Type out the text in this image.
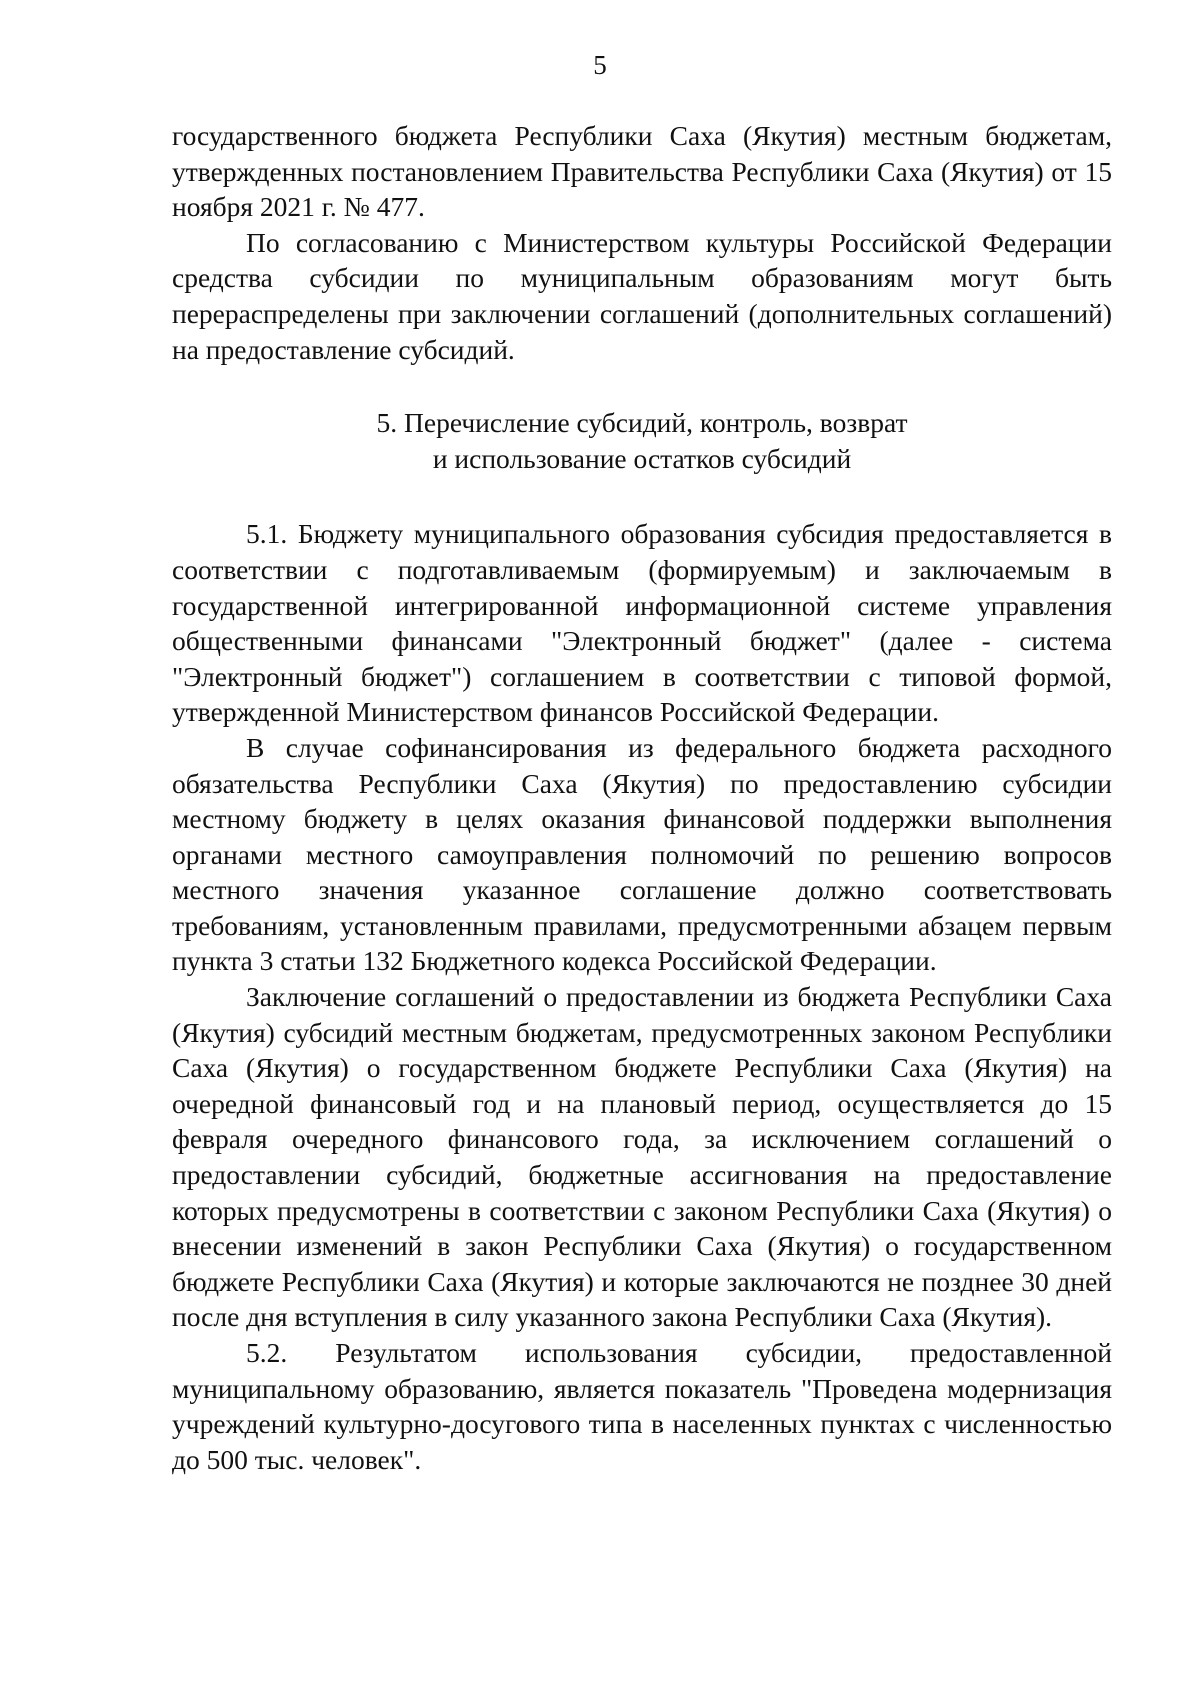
5

государственного бюджета Республики Саха (Якутия) местным бюджетам, утвержденных постановлением Правительства Республики Саха (Якутия) от 15 ноября 2021 г. № 477.

По согласованию с Министерством культуры Российской Федерации средства субсидии по муниципальным образованиям могут быть перераспределены при заключении соглашений (дополнительных соглашений) на предоставление субсидий.

5. Перечисление субсидий, контроль, возврат
и использование остатков субсидий

5.1. Бюджету муниципального образования субсидия предоставляется в соответствии с подготавливаемым (формируемым) и заключаемым в государственной интегрированной информационной системе управления общественными финансами "Электронный бюджет" (далее - система "Электронный бюджет") соглашением в соответствии с типовой формой, утвержденной Министерством финансов Российской Федерации.

В случае софинансирования из федерального бюджета расходного обязательства Республики Саха (Якутия) по предоставлению субсидии местному бюджету в целях оказания финансовой поддержки выполнения органами местного самоуправления полномочий по решению вопросов местного значения указанное соглашение должно соответствовать требованиям, установленным правилами, предусмотренными абзацем первым пункта 3 статьи 132 Бюджетного кодекса Российской Федерации.

Заключение соглашений о предоставлении из бюджета Республики Саха (Якутия) субсидий местным бюджетам, предусмотренных законом Республики Саха (Якутия) о государственном бюджете Республики Саха (Якутия) на очередной финансовый год и на плановый период, осуществляется до 15 февраля очередного финансового года, за исключением соглашений о предоставлении субсидий, бюджетные ассигнования на предоставление которых предусмотрены в соответствии с законом Республики Саха (Якутия) о внесении изменений в закон Республики Саха (Якутия) о государственном бюджете Республики Саха (Якутия) и которые заключаются не позднее 30 дней после дня вступления в силу указанного закона Республики Саха (Якутия).

5.2. Результатом использования субсидии, предоставленной муниципальному образованию, является показатель "Проведена модернизация учреждений культурно-досугового типа в населенных пунктах с численностью до 500 тыс. человек".
